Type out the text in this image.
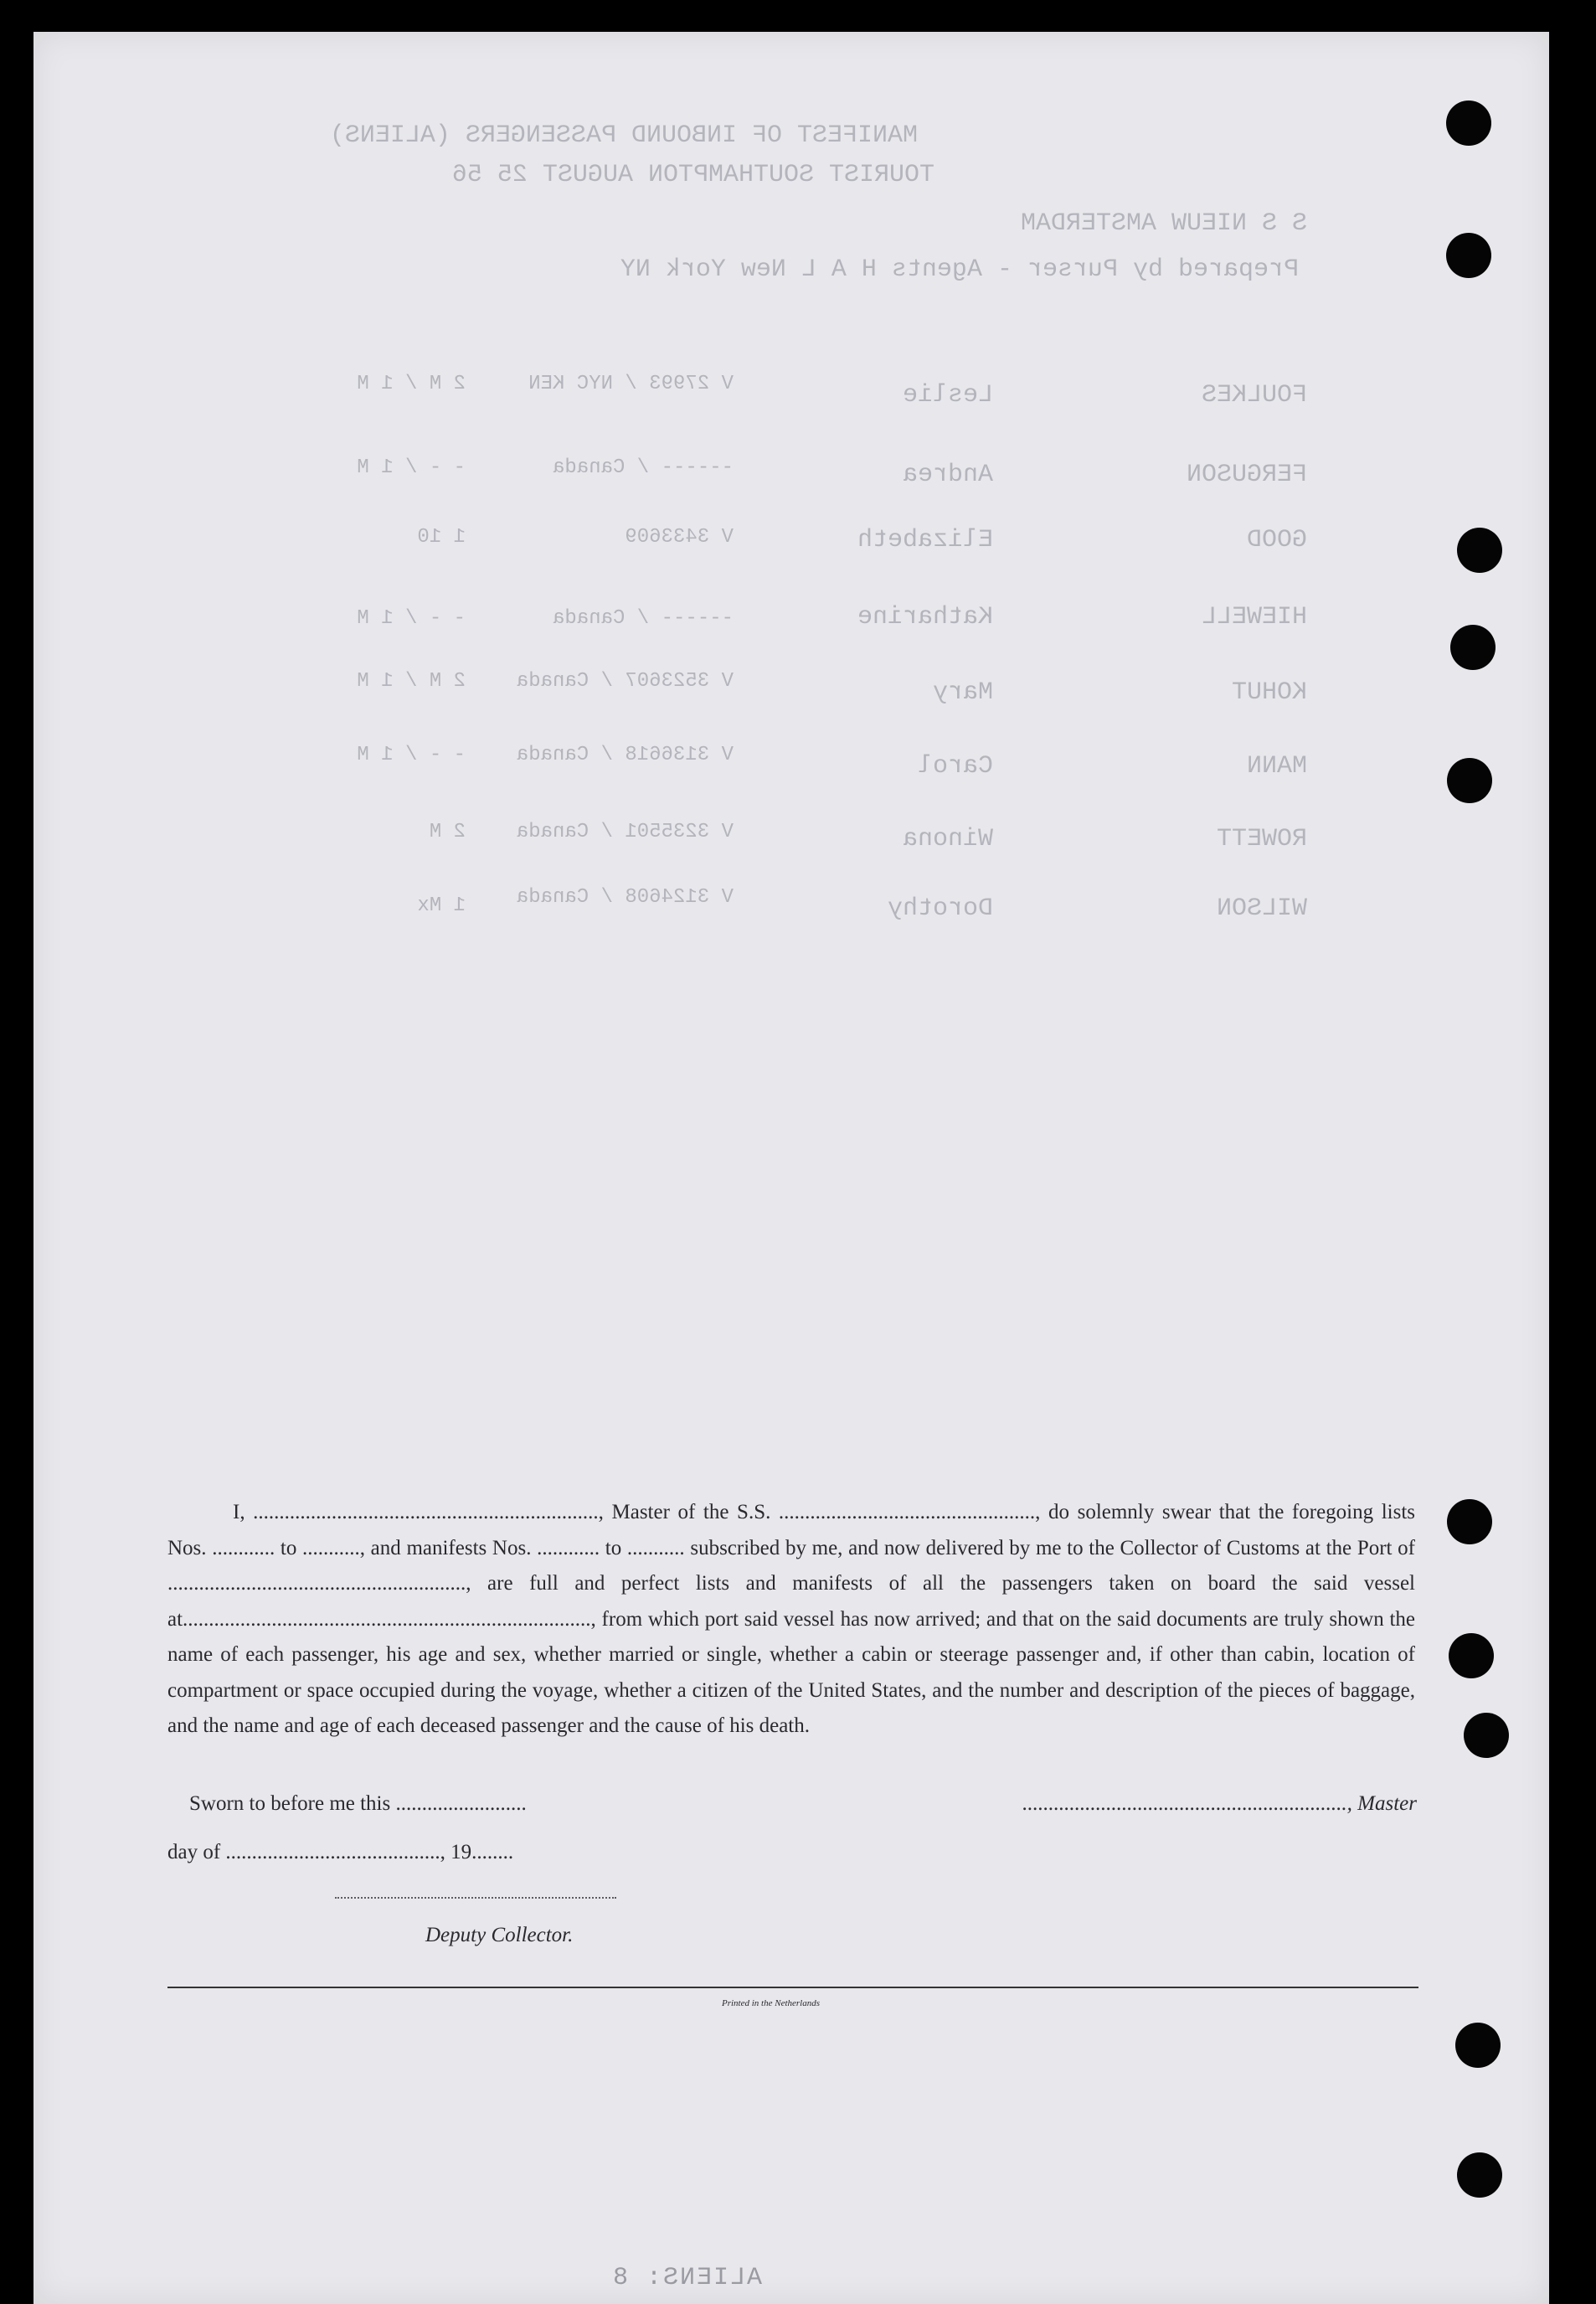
MANIFEST OF INBOUND PASSENGERS (ALIENS)
TOURIST SOUTHAMPTON AUGUST 25 56
S S NIEUW AMSTERDAM
Prepared by Purser - Agents H A L New York NY
FOULKES
Leslie
V 27993 / NYC KEN
2 M / 1 M
FERGUSON
Andrea
------ / Canada
- - / 1 M
GOOD
Elizabeth
V 3433609
1 10
HIEWELL
Katharine
------ / Canada
- - / 1 M
KOHUT
Mary
V 3523607 / Canada
2 M / 1 M
MANN
Carol
V 3136618 / Canada
- - / 1 M
ROWETT
Winona
V 3235501 / Canada
2 M
WILSON
Dorothy
V 3124608 / Canada
1 Mx

I, .................................................................., Master of the S.S. ................................................., do solemnly swear that the foregoing lists Nos. ............ to ..........., and manifests Nos. ............ to ........... subscribed by me, and now delivered by me to the Collector of Customs at the Port of ........................................................., are full and perfect lists and manifests of all the passengers taken on board the said vessel at.............................................................................., from which port said vessel has now arrived; and that on the said documents are truly shown the name of each passenger, his age and sex, whether married or single, whether a cabin or steerage passenger and, if other than cabin, location of compartment or space occupied during the voyage, whether a citizen of the United States, and the number and description of the pieces of baggage, and the name and age of each deceased passenger and the cause of his death.

Sworn to before me this .........................	.............................................................., Master
day of ........................................., 19........
Deputy Collector.
Printed in the Netherlands
ALIENS: 8
